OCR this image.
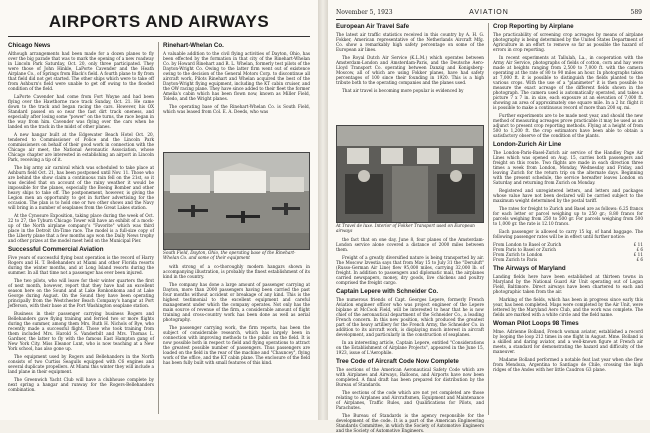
AIRPORTS AND AIRWAYS
Chicago News

Although arrangements had been made for a dozen planes to fly over the big parade that was to mark the opening of a new roadway in Lincoln Park Saturday, Oct. 20, only three participated. They were those of John Hinkle, LaPorte Cavender and the Heath Airplane Co., of Springs from Black's field. A fourth plane to fly from that field did not get started. The other ships which were to take off from Ashburn's field were unable to get off owing to the flooded condition of the field.

LaPorte Cavender had come from Fort Wayne and had been flying over the Hawthorne race track Sunday, Oct. 21. He came down to the track and began racing the cars. However, his OX Standard passed on so near the fast dirt track oneness, and especially after losing some "power" on the turns, the race began in the way from him. Cavender was flying over the cars when he landed on the track in the midst of other planes.

A new hangar built at the Edgewater Beach Hotel Oct. 20, tendered to Commissioner of Police and the Lincoln Park commissioners on behalf of their good work in connection with the Chicago air meet, the National Aeronautic Association, whose Chicago chapter are interested in establishing an airport in Lincoln Park, receiving a tip of it.

The big army air carnival which was scheduled to take place at Ashburn field Oct. 21, has been postponed until Nov. 11. Those who are behind the show claim a continuous rain fell on the 21st, so it was decided that on account of the rainy weather it would be impossible for the planes, especially the Boeing Bomber and other heavy ships to take off. The postponement, however, is giving the Legion men an opportunity to get in further advertising for the occasion. The plan is to hold one or two other shows and the Navy will bring in a number of seaplanes from the Great Lakes station.

At the Cynosure Exposition, taking place during the week of Oct. 22 to 27, the Tyburn Chicago Tower will have an exhibit of a mock-up of the North airplane company's "Favorite" which was third place in the Detroit On-Time race. The model is a full-size copy of the Liberty plane that a few months ago won the Daily News trophy and other prizes at the model meet held on the Municipal Pier.

Successful Commercial Aviation

Five years of successful flying boat operation is the record of Harry Rogers and H. T. Bellehanders at Miami and other Florida resorts during the winter months, and at Long Island resorts during the summer. In all that time not a passenger has ever been injured.

The two pilots, who will leave for their winter quarters the first of next month, however, report that they have had an excellent season here on the Sound and at Lake Ronkonkoma and at Lake George during August. On the Sound they have been operating principally from the Westchester Beach Company's hangar at Port Jefferson, with their base at the Port Washington seaplane station.

Business in their passenger carrying business Rogers and Bellehanders gave flying training and ferried two or more flights during the summer, among them Mrs. Ruth H. Nichols of Rye, who recently made a successful flight. Those who took training from them included Mrs. Harold S. Vanderbilt and Mrs. Thomas L. Gardner, the latter to fly with the famous East Hampton gang of New York City. Miss Eleanor Lunt, who is now teaching at a New York school, has also gone up.

The equipment used by Rogers and Bellehanders in the North consists of two Curtiss Seagulls equipped with C6 engines and several duplicate propellers. At Miami this winter they will include a land plane in their equipment.

The Greenwich Yacht Club will have a clubhouse complete by next spring a hangar and runway for the Rogers-Bellehanders combination.

Rinehart-Whelan Co.

A valuable addition to the civil flying activities of Dayton, Ohio, has been effected by the formation in that city of the Rinehart-Whelan Co. by Howard Rinehart and R. L. Whelan, formerly test pilots of the Dayton-Wright Co. Owing to the latter firm went out of existence owing to the decision of the General Motors Corp. to discontinue all aircraft work, Pilots Rinehart and Whelan acquired the best of the Dayton-Wright flying equipment, including the KT cabin cruiser, and the OW racing plane. They have since added to their fleet the former Amelia's cabin which has been flown now, known as Miller Field, Toledo, and the Wright planes.

The operating base of the Rinehart-Whelan Co. is South Field, which was leased from Col. E. A. Deeds, who was

South Field, Dayton, Ohio, the operating base of the Rinehart-Whelan Co. and some of their equipment

with strong of a co-thoroughly modern hangars shown in accompanying illustration, is probably the finest establishment of its kind in the country.

The company has done a large amount of passenger carrying at Dayton, more than 2000 passengers having been carried the past four months without accident or breakage of any kind. This is the highest testimonial to the excellent equipment and careful management under which the company operates. Not only has the main source of revenue of the firm, a considerable amount of flight training and cross-country work has been done as well as aerial photography.

The passenger carrying work, the firm reports, has been the subject of considerable research, which has largely been in connection with improving methods to the public on the field. It is now possible both in respect to field and flying operations to attract the greatest possible number of passengers. Thus passengers are loaded on the field in the rear of the machine and "Chauncey", flying work of the office, and the KT cabin plane. The enclosure of the field has been fully built with small features of this kind.

November 5, 1923	AVIATION	589
European Air Travel Safe

The latest air traffic statistics received in this country by A. H. G. Fokker, American representative of the Netherlands Aircraft Mfg. Co. show a remarkably high safety percentage on some of the European air lines.

The Royal Dutch Air Service (K.L.M.) which operates between Amsterdam-London and Amsterdam-Paris, and the Deutsche Aero-Lloyd Transport Co. operating between Danzig and Konigsberg-Moscow, all of which are using Fokker planes, have had safety percentages of 100 since their founding in 1920. This is a high tribute both to the operating companies and the planes used.

That air travel is becoming more popular is evidenced by

At Travel de luxe. Interior of Fokker Transport used on European airways

the fact that on one day, June 8, four planes of the Amsterdam-London service alone covered a distance of 2000 miles between them.

Freight of a greatly diversified nature is being transported by air. The Moscow Izvestia says that from May 15 to July 31 the "Deruluft" (Russo-German Air Line) flew 95,000 miles, carrying 32,000 lb. of freight. In addition to passengers and diplomatic mail, the airplanes carried newspapers, money, dry goods, live chickens and poultry comprised the freight cargo.

Captain Lepere with Schneider Co.

The numerous friends of Capt. Georges Lepere, formerly French Aviation engineer officer who was project engineer of the Lepere biplane at McCook Field, will be interested to hear that he is now chief of the aeronautical department of the Schneider Co., a leading French concern. In this new position, which produced the greatest part of the heavy artillery for the French Army, the Schneider Co. in addition to its aircraft work, is displaying much interest in aircraft development, and particularly in the construction of seaplanes.

In an interesting article, Captain Lepere, entitled "Considerations on the Establishment of Airplane Projects", appeared in the June 15, 1923, issue of L'Aerophile.

Tree Code of Aircraft Code Now Complete

The sections of the American Aeronautical Safety Code which are with Airplanes and Airways, Balloons, and Airports have now been completed. A final draft has been prepared for distribution by the Bureau of Standards.

The sections of the code which are not yet completed are those relating to Airplanes and Aircraftsmen, Equipment and Maintenance of Airplanes, Traffic Rules, and Qualifications for Pilots, and Parachutes.

The Bureau of Standards is the agency responsible for the development of the code. It is a part of the American Engineering Standards Committee, in which the Society of Automotive Engineers and the Society of Automotive Engineers.

Crop Reporting by Airplane

The practicability of screening crop acreages by means of airplane photography is being determined by the United States Department of Agriculture in an effort to remove so far as possible the hazard of errors in crop reporting.

In recent experiments at Tallulah, La., in cooperation with the Army Air Service, photographs of fields of cotton, corn and hay were made at heights ranging from 2,500 to 7,000 ft. with the camera operating at the rate of 80 to 90 miles an hour. In photographs taken at 7,000 ft. it is possible to distinguish the fields planted to the various crops. With the use of a "planimeter" it is then possible to measure the exact acreage of the different fields shown in the photograph. The camera used is automatically operated, and takes a picture 7 x 7 in. in size, each exposure at an elevation of 7,000 ft. showing an area of approximately one square mile. In a 2 hr. flight it is possible to make a continuous record of more than 200 sq. mi.

Further experiments are to be made next year, and should the new method of measuring acreages prove practicable it may be used as an adjunct to present crop reporting methods. Flying at a height of from 500 to 1,200 ft. the crop estimators have been able to obtain a satisfactory observe of the condition of the plants.

London-Zurich Air Line

The London-Paris-Basel-Zurich air service of the Handley Page Air Lines which was opened on Aug. 15, carries both passengers and freight on this route. Two flights are made in each direction three times a week from London, Monday, Wednesday and Friday, and leaving Zurich for the return trip on the alternate days. Beginning with the present schedule, the service hereafter leaves London on Saturday and returning from Zurich on Monday.

Registered and unregistered letters, and letters and packages whose value have not been declared will be carried subject to the maximum weight determined by the postal tariff.

The rates for freight to Zurich and Basel are as follows: 6.25 francs for each letter or parcel weighing up to 250 gr.; 8.80 francs for parcels weighing from 250 to 500 gr. For parcels weighing from 500 to 1,000 gr. the rate is 12.10 francs.

Each passenger is allowed to carry 15 kg. of hand baggage. The following passenger rates will be in effect until further notice:

From London to Basel or Zurich	£ 11
From Paris to Basel or Zurich	£ 6
From Zurich to London	£ 11
From Zurich to Paris	£ 6
The Airways of Maryland

Landing fields here have been established at thirteen towns in Maryland by the National Guard Air Unit operating out of Logan Field, Baltimore. Direct airways have been chartered to each and photographic taken from the air.

Marking of the fields, which has been in progress since early this year, has been completed. Maps were completed by the Air Unit, were lettered by the Maryland Aero Club, and the work was complete. The fields are marked with a white circle and the field name.

Woman Pilot Loops 98 Times

Mme. Adrienne Bolland, French woman aviator, established a record by looping the loop 212 times in one flight in August. Mme. Bolland is a skilled and daring aviator, and a well-known figure at French air meets, a standard for demonstrating the hazard and difficulty of the maneuver.

Madame Bolland performed a notable feat last year when she flew from Mendoza, Argentina to Santiago de Chile, crossing the high ridges of the Andes with her little Caudron G3 plane.
